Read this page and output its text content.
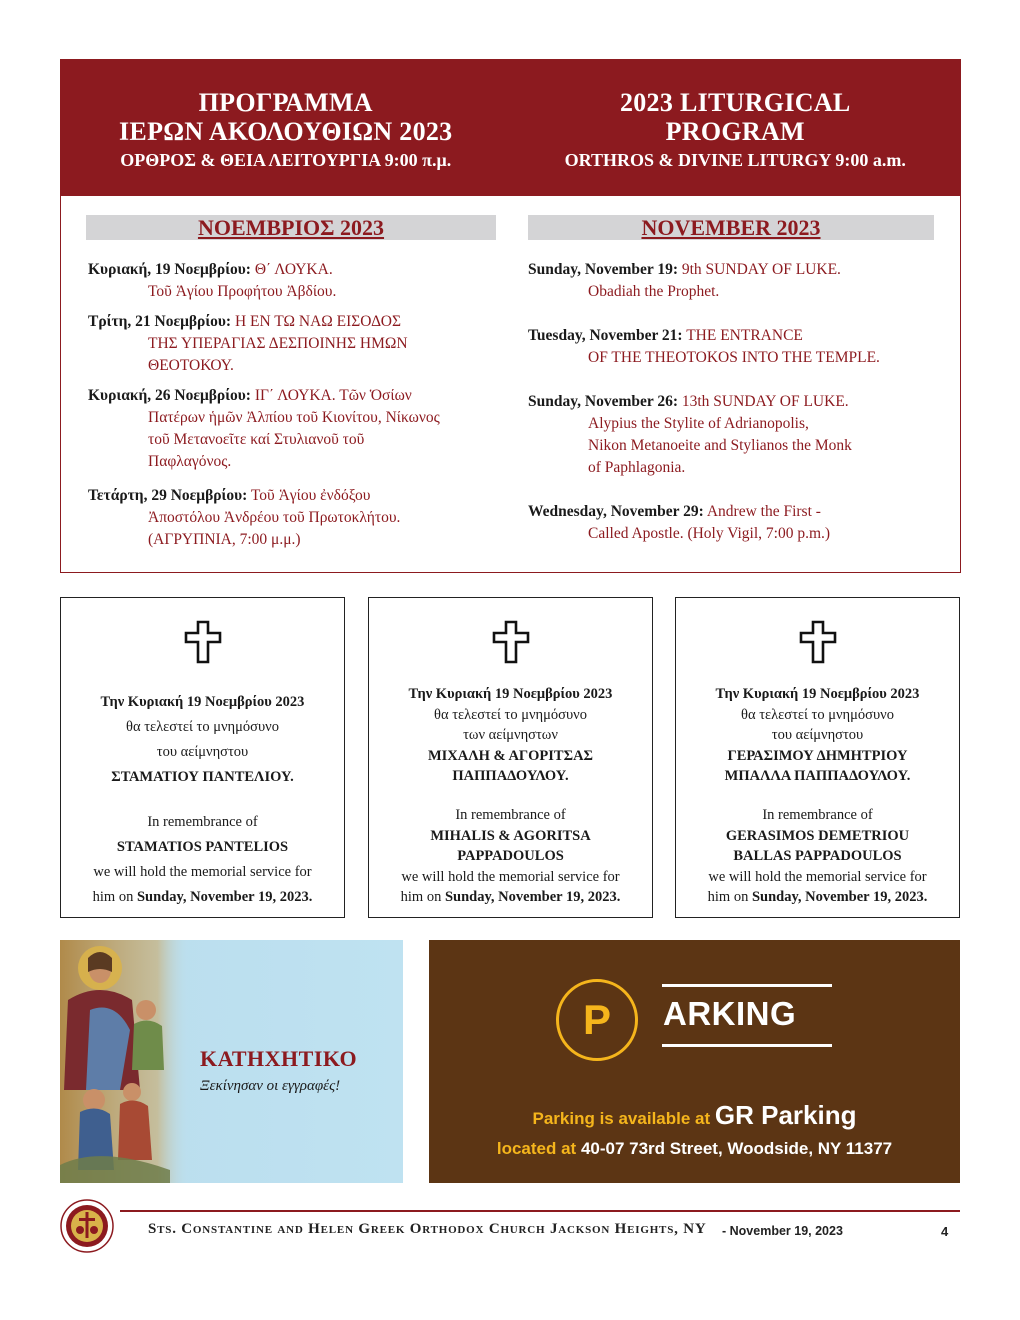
ΠΡΟΓΡΑΜΜΑ
ΙΕΡΩΝ ΑΚΟΛΟΥΘΙΩΝ 2023
ΟΡΘΡΟΣ & ΘΕΙΑ ΛΕΙΤΟΥΡΓΙΑ 9:00 π.μ.
2023 LITURGICAL
PROGRAM
ORTHROS & DIVINE LITURGY 9:00 a.m.
ΝΟΕΜΒΡΙΟΣ 2023	NOVEMBER 2023
Κυριακή, 19 Νοεμβρίου: Θ΄ ΛΟΥΚΑ.
Τοῦ Ἁγίου Προφήτου Ἀβδίου.
Τρίτη, 21 Νοεμβρίου: Η ΕΝ ΤΩ ΝΑΩ ΕΙΣΟΔΟΣ
ΤΗΣ ΥΠΕΡΑΓΙΑΣ ΔΕΣΠΟΙΝΗΣ ΗΜΩΝ
ΘΕΟΤΟΚΟΥ.
Κυριακή, 26 Νοεμβρίου: ΙΓ΄ ΛΟΥΚΑ. Τῶν Ὁσίων
Πατέρων ἡμῶν Ἀλπίου τοῦ Κιονίτου, Νίκωνος
τοῦ Μετανοεῖτε καί Στυλιανοῦ τοῦ
Παφλαγόνος.
Τετάρτη, 29 Νοεμβρίου: Τοῦ Ἁγίου ἐνδόξου
Ἀποστόλου Ἀνδρέου τοῦ Πρωτοκλήτου.
(ΑΓΡΥΠΝΙΑ, 7:00 μ.μ.)
Sunday, November 19: 9th SUNDAY OF LUKE.
Obadiah the Prophet.
Tuesday, November 21: THE ENTRANCE
OF THE THEOTOKOS INTO THE TEMPLE.
Sunday, November 26: 13th SUNDAY OF LUKE.
Alypius the Stylite of Adrianopolis,
Nikon Metanoeite and Stylianos the Monk
of Paphlagonia.
Wednesday, November 29: Andrew the First -
Called Apostle. (Holy Vigil, 7:00 p.m.)
Την Κυριακή 19 Νοεμβρίου 2023
θα τελεστεί το μνημόσυνο
του αείμνηστου
ΣΤΑΜΑΤΙΟΥ ΠΑΝΤΕΛΙΟΥ.
In remembrance of
STAMATIOS PANTELIOS
we will hold the memorial service for
him on Sunday, November 19, 2023.
Την Κυριακή 19 Νοεμβρίου 2023
θα τελεστεί το μνημόσυνο
των αείμνηστων
ΜΙΧΑΛΗ & ΑΓΟΡΙΤΣΑΣ
ΠΑΠΠΑΔΟΥΛΟΥ.
In remembrance of
MIHALIS & AGORITSA
PAPPADOULOS
we will hold the memorial service for
him on Sunday, November 19, 2023.
Την Κυριακή 19 Νοεμβρίου 2023
θα τελεστεί το μνημόσυνο
του αείμνηστου
ΓΕΡΑΣΙΜΟΥ ΔΗΜΗΤΡΙΟΥ
ΜΠΑΛΛΑ ΠΑΠΠΑΔΟΥΛΟΥ.
In remembrance of
GERASIMOS DEMETRIOU
BALLAS PAPPADOULOS
we will hold the memorial service for
him on Sunday, November 19, 2023.
ΚΑΤΗΧΗΤΙΚΟ
Ξεκίνησαν οι εγγραφές!
P	ARKING
Parking is available at GR Parking
located at 40-07 73rd Street, Woodside, NY 11377
Sts. Constantine and Helen Greek Orthodox Church Jackson Heights, NY - November 19, 2023	4
